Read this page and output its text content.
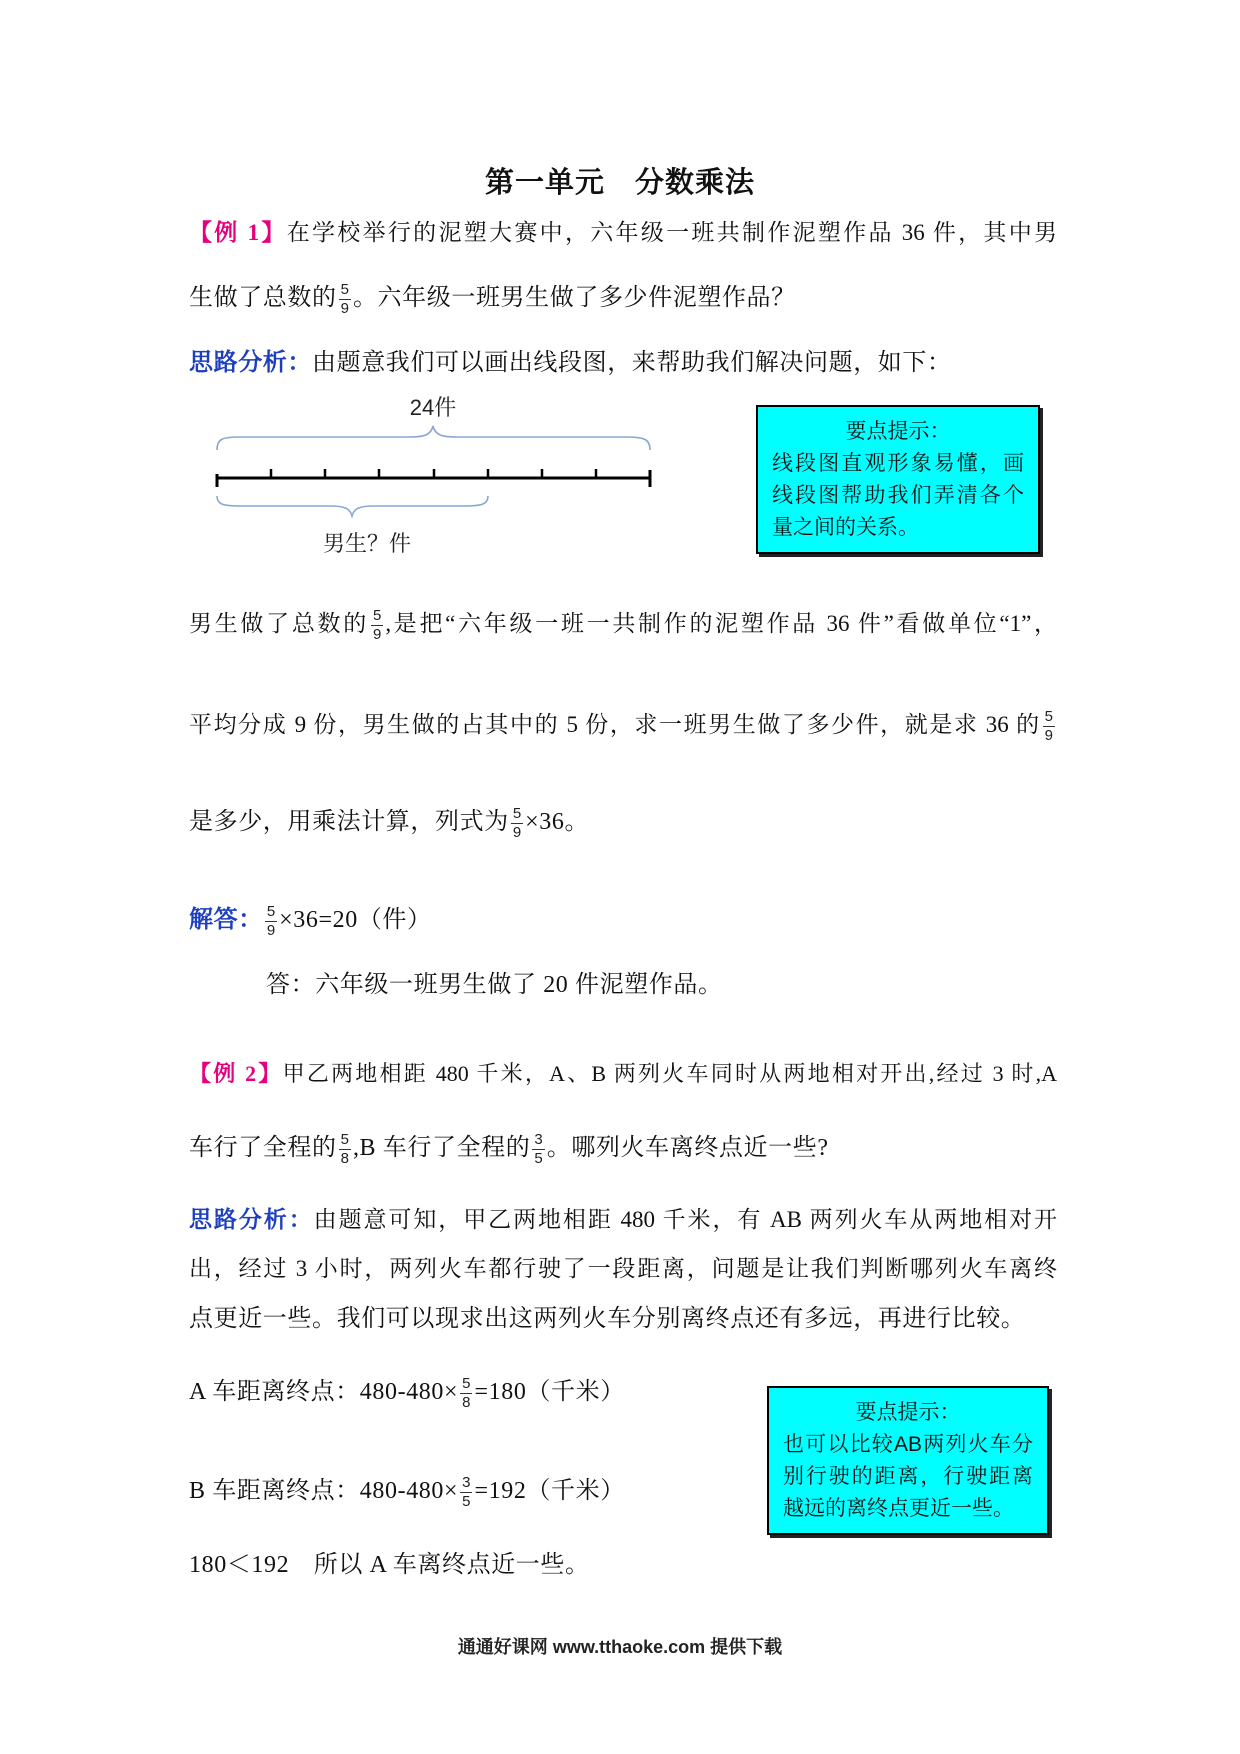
第一单元　分数乘法
【例 1】在学校举行的泥塑大赛中，六年级一班共制作泥塑作品 36 件，其中男
生做了总数的 $\frac{5}{9}$ 。六年级一班男生做了多少件泥塑作品？
思路分析：由题意我们可以画出线段图，来帮助我们解决问题，如下：
24件
男生？件
要点提示：
线段图直观形象易懂，画
线段图帮助我们弄清各个
量之间的关系。
男生做了总数的 $\frac{5}{9}$ ,是把“六年级一班一共制作的泥塑作品 36 件”看做单位“1”，
平均分成 9 份，男生做的占其中的 5 份，求一班男生做了多少件，就是求 36 的 $\frac{5}{9}$
是多少，用乘法计算，列式为 $\frac{5}{9} \times 36$。
解答： $\frac{5}{9} \times 36=20$（件）
答：六年级一班男生做了 20 件泥塑作品。
【例 2】甲乙两地相距 480 千米，A、B 两列火车同时从两地相对开出,经过 3 时,A
车行了全程的 $\frac{5}{8} ,B$ 车行了全程的 $\frac{3}{5}$ 。哪列火车离终点近一些?
思路分析：由题意可知，甲乙两地相距 480 千米，有 AB 两列火车从两地相对开
出，经过 3 小时，两列火车都行驶了一段距离，问题是让我们判断哪列火车离终
点更近一些。我们可以现求出这两列火车分别离终点还有多远，再进行比较。
A 车距离终点：$480-480\times \frac{5}{8} =180$（千米）
B 车距离终点：$480-480\times \frac{3}{5} =192$（千米）
180＜192　所以 A 车离终点近一些。
要点提示：
也可以比较AB两列火车分
别行驶的距离，行驶距离
越远的离终点更近一些。
通通好课网 www.tthaoke.com 提供下载
